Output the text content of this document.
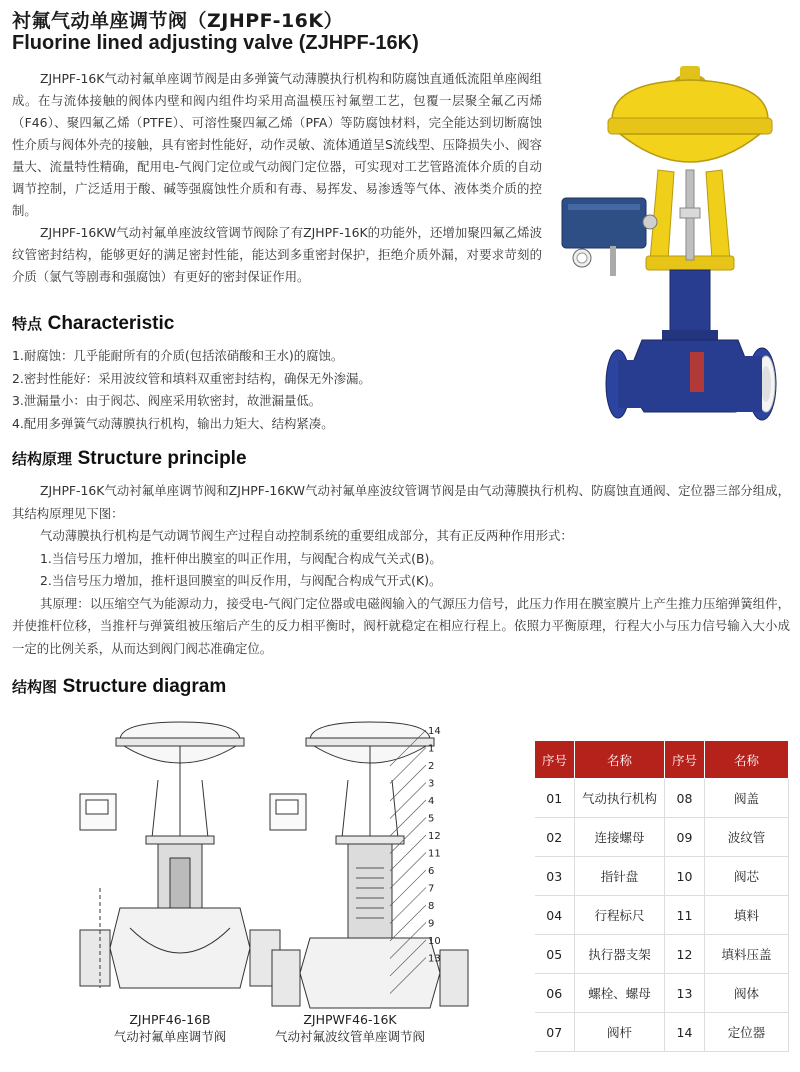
衬氟气动单座调节阀（ZJHPF-16K）
Fluorine lined adjusting valve (ZJHPF-16K)

ZJHPF-16K气动衬氟单座调节阀是由多弹簧气动薄膜执行机构和防腐蚀直通低流阻单座阀组成。在与流体接触的阀体内壁和阀内组件均采用高温模压衬氟塑工艺，包覆一层聚全氟乙丙烯（F46）、聚四氟乙烯（PTFE）、可溶性聚四氟乙烯（PFA）等防腐蚀材料，完全能达到切断腐蚀性介质与阀体外壳的接触，具有密封性能好，动作灵敏、流体通道呈S流线型、压降损失小、阀容量大、流量特性精确，配用电-气阀门定位或气动阀门定位器，可实现对工艺管路流体介质的自动调节控制，广泛适用于酸、碱等强腐蚀性介质和有毒、易挥发、易渗透等气体、液体类介质的控制。

ZJHPF-16KW气动衬氟单座波纹管调节阀除了有ZJHPF-16K的功能外，还增加聚四氟乙烯波纹管密封结构，能够更好的满足密封性能，能达到多重密封保护，拒绝介质外漏，对要求苛刻的介质（氯气等剧毒和强腐蚀）有更好的密封保证作用。

特点 Characteristic
1.耐腐蚀：几乎能耐所有的介质(包括浓硝酸和王水)的腐蚀。
2.密封性能好：采用波纹管和填料双重密封结构，确保无外渗漏。
3.泄漏量小：由于阀芯、阀座采用软密封，故泄漏量低。
4.配用多弹簧气动薄膜执行机构，输出力矩大、结构紧凑。
结构原理 Structure principle

ZJHPF-16K气动衬氟单座调节阀和ZJHPF-16KW气动衬氟单座波纹管调节阀是由气动薄膜执行机构、防腐蚀直通阀、定位器三部分组成，其结构原理见下图：

气动薄膜执行机构是气动调节阀生产过程自动控制系统的重要组成部分，其有正反两种作用形式：

1.当信号压力增加，推杆伸出膜室的叫正作用，与阀配合构成气关式(B)。

2.当信号压力增加，推杆退回膜室的叫反作用，与阀配合构成气开式(K)。

其原理：以压缩空气为能源动力，接受电-气阀门定位器或电磁阀输入的气源压力信号，此压力作用在膜室膜片上产生推力压缩弹簧组件，并使推杆位移，当推杆与弹簧组被压缩后产生的反力相平衡时，阀杆就稳定在相应行程上。依照力平衡原理，行程大小与压力信号输入大小成一定的比例关系，从而达到阀门阀芯准确定位。

结构图 Structure diagram
14
1
2
3
4
5
12
11
6
7
8
9
10
13
ZJHPF46-16B
气动衬氟单座调节阀
ZJHPWF46-16K
气动衬氟波纹管单座调节阀
序号	名称	序号	名称
01	气动执行机构	08	阀盖
02	连接螺母	09	波纹管
03	指针盘	10	阀芯
04	行程标尺	11	填料
05	执行器支架	12	填料压盖
06	螺栓、螺母	13	阀体
07	阀杆	14	定位器
